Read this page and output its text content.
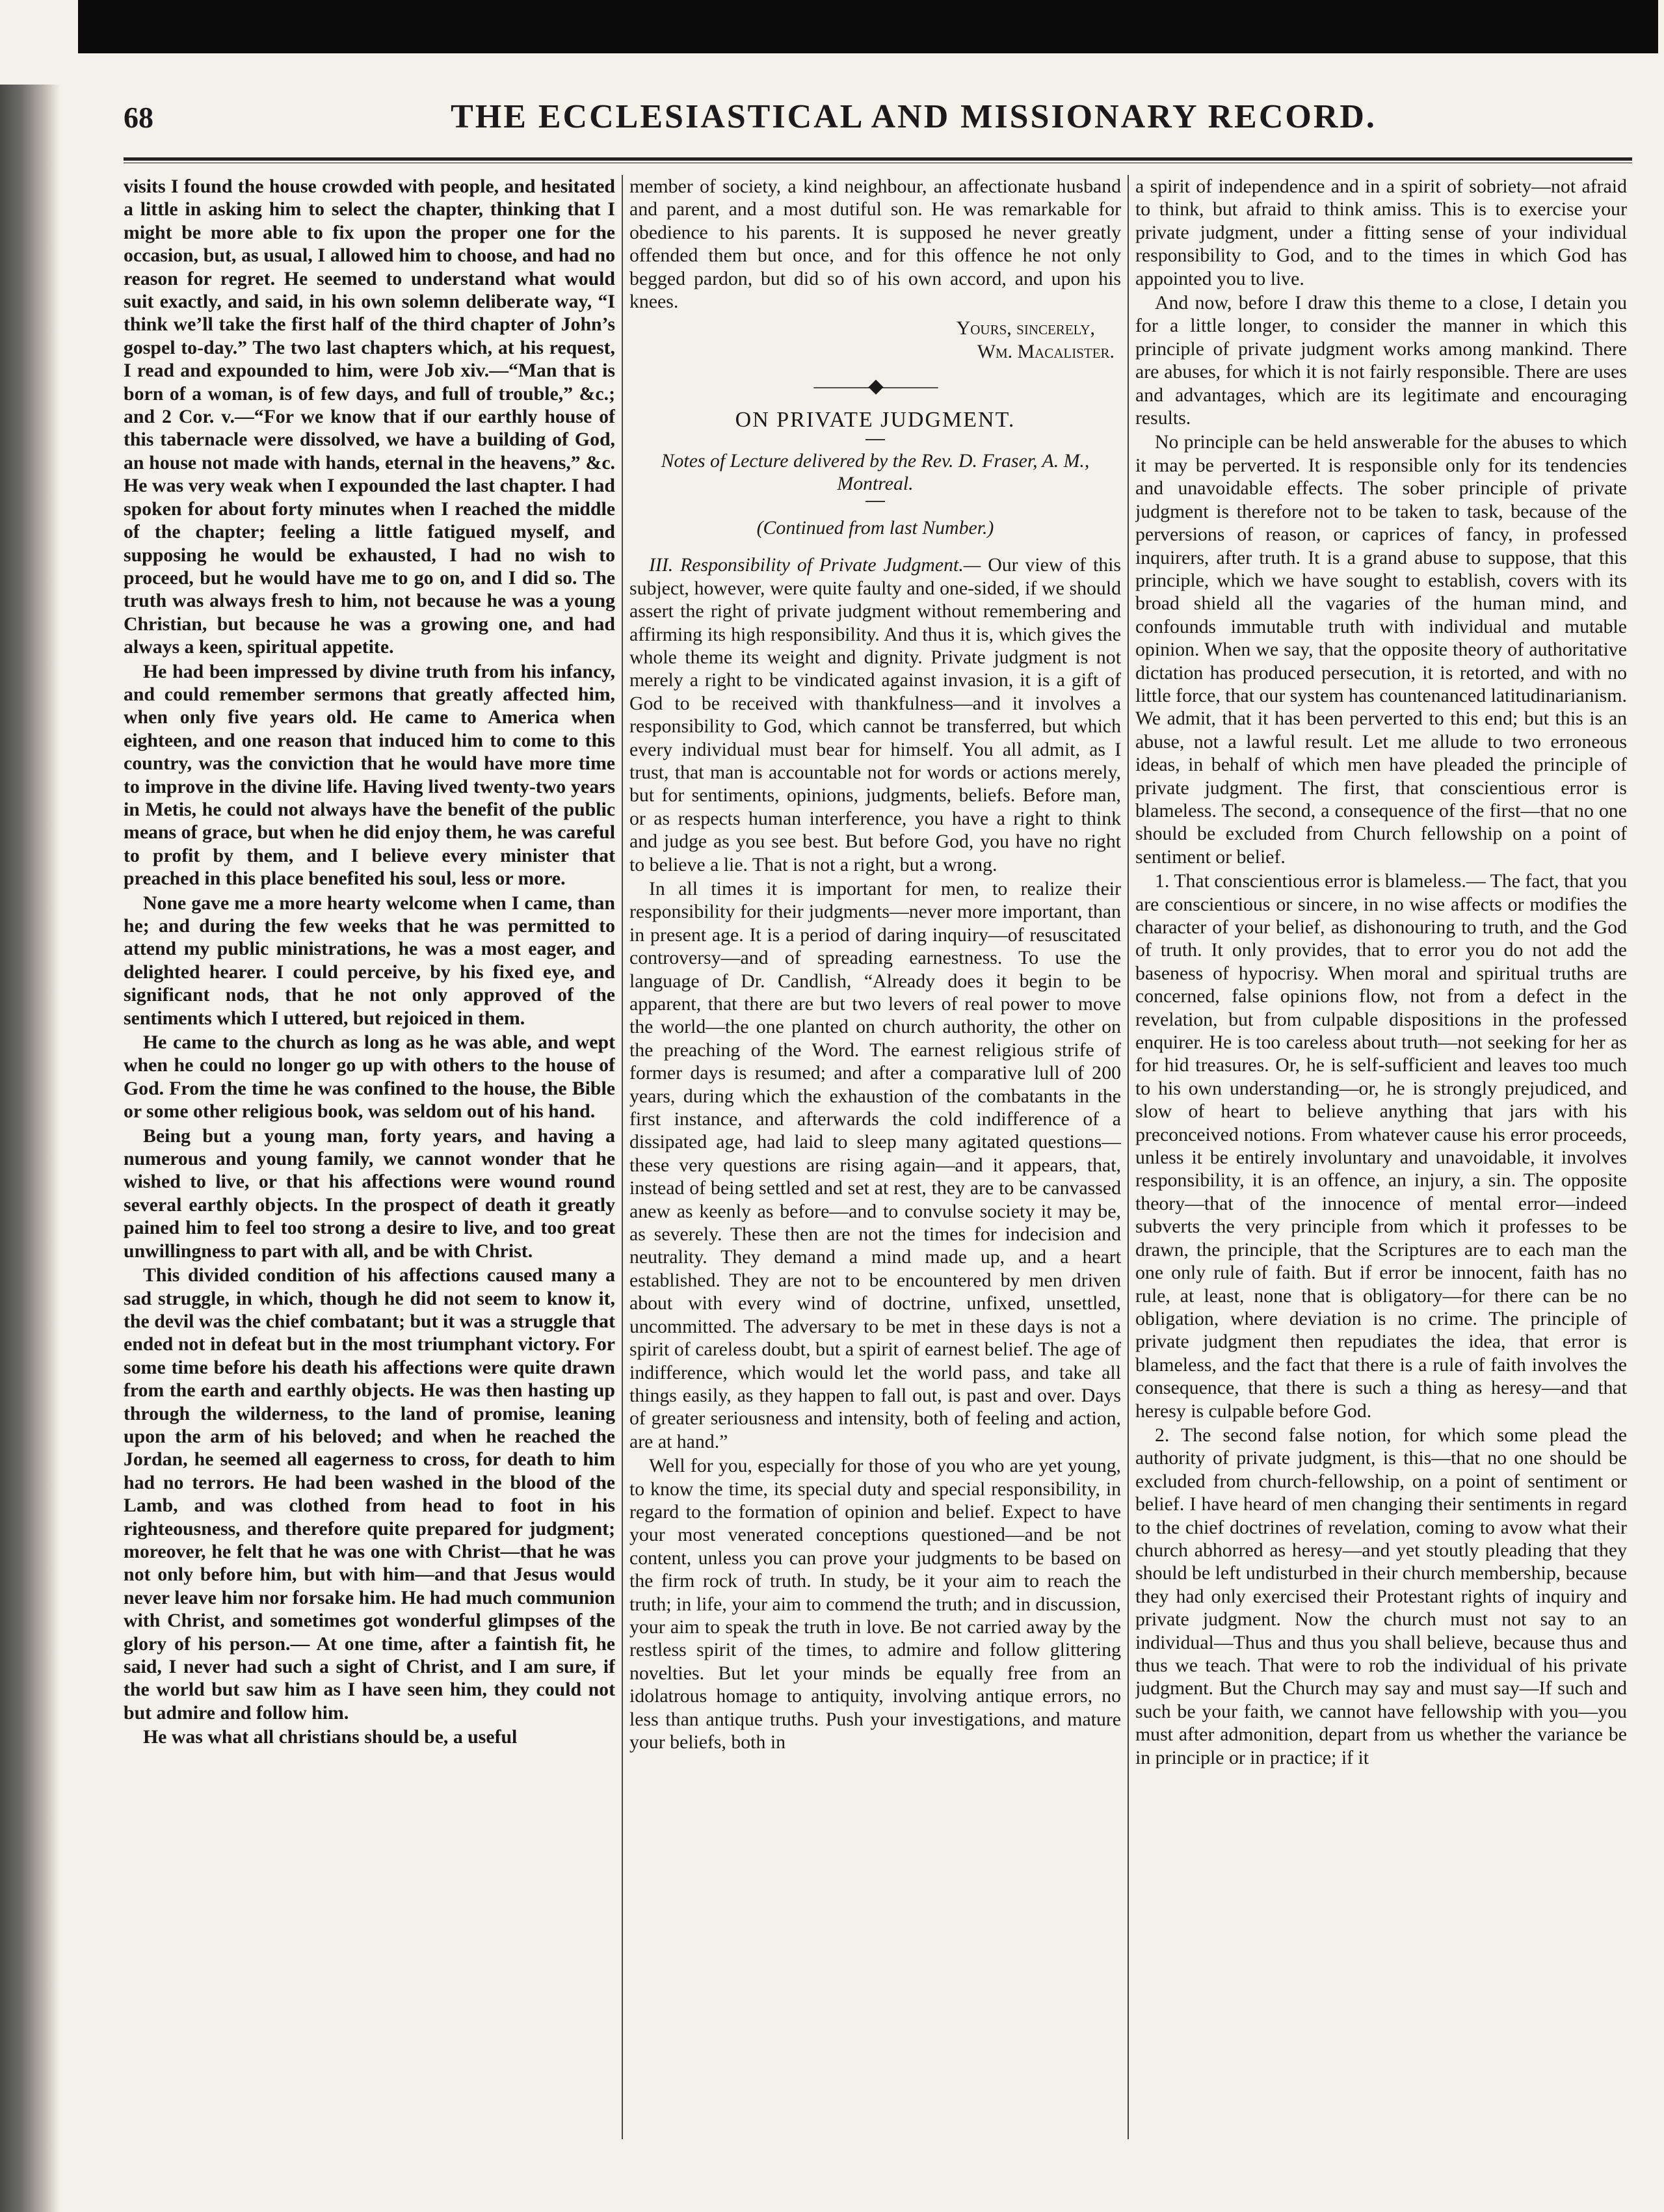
68	THE ECCLESIASTICAL AND MISSIONARY RECORD.

visits I found the house crowded with people, and hesitated a little in asking him to select the chapter, thinking that I might be more able to fix upon the proper one for the occasion, but, as usual, I allowed him to choose, and had no reason for regret. He seemed to understand what would suit exactly, and said, in his own solemn deliberate way, “I think we’ll take the first half of the third chapter of John’s gospel to-day.” The two last chapters which, at his request, I read and expounded to him, were Job xiv.—“Man that is born of a woman, is of few days, and full of trouble,” &c.; and 2 Cor. v.—“For we know that if our earthly house of this tabernacle were dissolved, we have a building of God, an house not made with hands, eternal in the heavens,” &c. He was very weak when I expounded the last chapter. I had spoken for about forty minutes when I reached the middle of the chapter; feeling a little fatigued myself, and supposing he would be exhausted, I had no wish to proceed, but he would have me to go on, and I did so. The truth was always fresh to him, not because he was a young Christian, but because he was a growing one, and had always a keen, spiritual appetite.

He had been impressed by divine truth from his infancy, and could remember sermons that greatly affected him, when only five years old. He came to America when eighteen, and one reason that induced him to come to this country, was the conviction that he would have more time to improve in the divine life. Having lived twenty-two years in Metis, he could not always have the benefit of the public means of grace, but when he did enjoy them, he was careful to profit by them, and I believe every minister that preached in this place benefited his soul, less or more.

None gave me a more hearty welcome when I came, than he; and during the few weeks that he was permitted to attend my public ministrations, he was a most eager, and delighted hearer. I could perceive, by his fixed eye, and significant nods, that he not only approved of the sentiments which I uttered, but rejoiced in them.

He came to the church as long as he was able, and wept when he could no longer go up with others to the house of God. From the time he was confined to the house, the Bible or some other religious book, was seldom out of his hand.

Being but a young man, forty years, and having a numerous and young family, we cannot wonder that he wished to live, or that his affections were wound round several earthly objects. In the prospect of death it greatly pained him to feel too strong a desire to live, and too great unwillingness to part with all, and be with Christ.

This divided condition of his affections caused many a sad struggle, in which, though he did not seem to know it, the devil was the chief combatant; but it was a struggle that ended not in defeat but in the most triumphant victory. For some time before his death his affections were quite drawn from the earth and earthly objects. He was then hasting up through the wilderness, to the land of promise, leaning upon the arm of his beloved; and when he reached the Jordan, he seemed all eagerness to cross, for death to him had no terrors. He had been washed in the blood of the Lamb, and was clothed from head to foot in his righteousness, and therefore quite prepared for judgment; moreover, he felt that he was one with Christ—that he was not only before him, but with him—and that Jesus would never leave him nor forsake him. He had much communion with Christ, and sometimes got wonderful glimpses of the glory of his person.— At one time, after a faintish fit, he said, I never had such a sight of Christ, and I am sure, if the world but saw him as I have seen him, they could not but admire and follow him.

He was what all christians should be, a useful

member of society, a kind neighbour, an affectionate husband and parent, and a most dutiful son. He was remarkable for obedience to his parents. It is supposed he never greatly offended them but once, and for this offence he not only begged pardon, but did so of his own accord, and upon his knees.

Yours, sincerely,
Wm. Macalister.
———◆———
ON PRIVATE JUDGMENT.
Notes of Lecture delivered by the Rev. D. Fraser, A. M., Montreal.
(Continued from last Number.)

III. Responsibility of Private Judgment.— Our view of this subject, however, were quite faulty and one-sided, if we should assert the right of private judgment without remembering and affirming its high responsibility. And thus it is, which gives the whole theme its weight and dignity. Private judgment is not merely a right to be vindicated against invasion, it is a gift of God to be received with thankfulness—and it involves a responsibility to God, which cannot be transferred, but which every individual must bear for himself. You all admit, as I trust, that man is accountable not for words or actions merely, but for sentiments, opinions, judgments, beliefs. Before man, or as respects human interference, you have a right to think and judge as you see best. But before God, you have no right to believe a lie. That is not a right, but a wrong.

In all times it is important for men, to realize their responsibility for their judgments—never more important, than in present age. It is a period of daring inquiry—of resuscitated controversy—and of spreading earnestness. To use the language of Dr. Candlish, “Already does it begin to be apparent, that there are but two levers of real power to move the world—the one planted on church authority, the other on the preaching of the Word. The earnest religious strife of former days is resumed; and after a comparative lull of 200 years, during which the exhaustion of the combatants in the first instance, and afterwards the cold indifference of a dissipated age, had laid to sleep many agitated questions—these very questions are rising again—and it appears, that, instead of being settled and set at rest, they are to be canvassed anew as keenly as before—and to convulse society it may be, as severely. These then are not the times for indecision and neutrality. They demand a mind made up, and a heart established. They are not to be encountered by men driven about with every wind of doctrine, unfixed, unsettled, uncommitted. The adversary to be met in these days is not a spirit of careless doubt, but a spirit of earnest belief. The age of indifference, which would let the world pass, and take all things easily, as they happen to fall out, is past and over. Days of greater seriousness and intensity, both of feeling and action, are at hand.”

Well for you, especially for those of you who are yet young, to know the time, its special duty and special responsibility, in regard to the formation of opinion and belief. Expect to have your most venerated conceptions questioned—and be not content, unless you can prove your judgments to be based on the firm rock of truth. In study, be it your aim to reach the truth; in life, your aim to commend the truth; and in discussion, your aim to speak the truth in love. Be not carried away by the restless spirit of the times, to admire and follow glittering novelties. But let your minds be equally free from an idolatrous homage to antiquity, involving antique errors, no less than antique truths. Push your investigations, and mature your beliefs, both in

a spirit of independence and in a spirit of sobriety—not afraid to think, but afraid to think amiss. This is to exercise your private judgment, under a fitting sense of your individual responsibility to God, and to the times in which God has appointed you to live.

And now, before I draw this theme to a close, I detain you for a little longer, to consider the manner in which this principle of private judgment works among mankind. There are abuses, for which it is not fairly responsible. There are uses and advantages, which are its legitimate and encouraging results.

No principle can be held answerable for the abuses to which it may be perverted. It is responsible only for its tendencies and unavoidable effects. The sober principle of private judgment is therefore not to be taken to task, because of the perversions of reason, or caprices of fancy, in professed inquirers, after truth. It is a grand abuse to suppose, that this principle, which we have sought to establish, covers with its broad shield all the vagaries of the human mind, and confounds immutable truth with individual and mutable opinion. When we say, that the opposite theory of authoritative dictation has produced persecution, it is retorted, and with no little force, that our system has countenanced latitudinarianism. We admit, that it has been perverted to this end; but this is an abuse, not a lawful result. Let me allude to two erroneous ideas, in behalf of which men have pleaded the principle of private judgment. The first, that conscientious error is blameless. The second, a consequence of the first—that no one should be excluded from Church fellowship on a point of sentiment or belief.

1. That conscientious error is blameless.— The fact, that you are conscientious or sincere, in no wise affects or modifies the character of your belief, as dishonouring to truth, and the God of truth. It only provides, that to error you do not add the baseness of hypocrisy. When moral and spiritual truths are concerned, false opinions flow, not from a defect in the revelation, but from culpable dispositions in the professed enquirer. He is too careless about truth—not seeking for her as for hid treasures. Or, he is self-sufficient and leaves too much to his own understanding—or, he is strongly prejudiced, and slow of heart to believe anything that jars with his preconceived notions. From whatever cause his error proceeds, unless it be entirely involuntary and unavoidable, it involves responsibility, it is an offence, an injury, a sin. The opposite theory—that of the innocence of mental error—indeed subverts the very principle from which it professes to be drawn, the principle, that the Scriptures are to each man the one only rule of faith. But if error be innocent, faith has no rule, at least, none that is obligatory—for there can be no obligation, where deviation is no crime. The principle of private judgment then repudiates the idea, that error is blameless, and the fact that there is a rule of faith involves the consequence, that there is such a thing as heresy—and that heresy is culpable before God.

2. The second false notion, for which some plead the authority of private judgment, is this—that no one should be excluded from church-fellowship, on a point of sentiment or belief. I have heard of men changing their sentiments in regard to the chief doctrines of revelation, coming to avow what their church abhorred as heresy—and yet stoutly pleading that they should be left undisturbed in their church membership, because they had only exercised their Protestant rights of inquiry and private judgment. Now the church must not say to an individual—Thus and thus you shall believe, because thus and thus we teach. That were to rob the individual of his private judgment. But the Church may say and must say—If such and such be your faith, we cannot have fellowship with you—you must after admonition, depart from us whether the variance be in principle or in practice; if it
